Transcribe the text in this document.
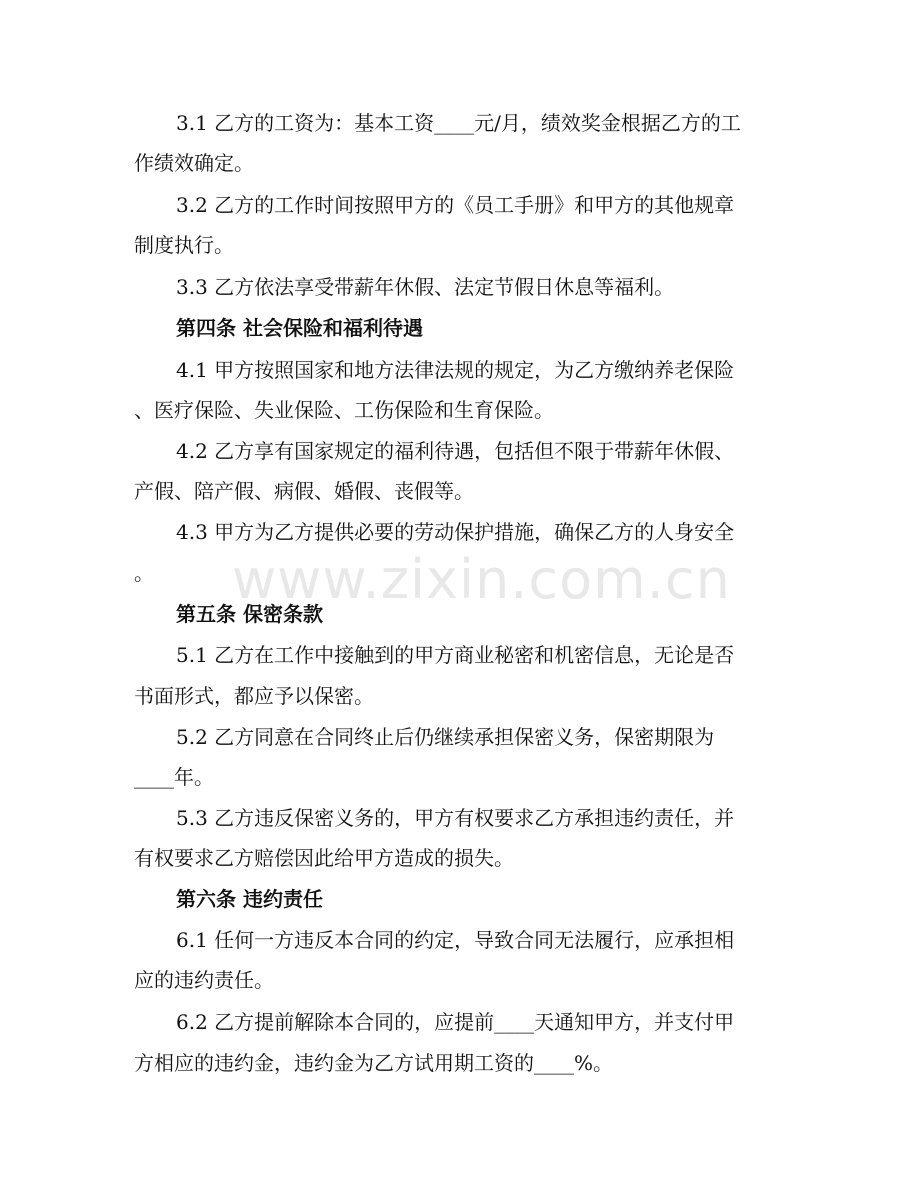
3.1 乙方的工资为：基本工资____元/月，绩效奖金根据乙方的工
作绩效确定。
3.2 乙方的工作时间按照甲方的《员工手册》和甲方的其他规章
制度执行。
3.3 乙方依法享受带薪年休假、法定节假日休息等福利。
第四条 社会保险和福利待遇
4.1 甲方按照国家和地方法律法规的规定，为乙方缴纳养老保险
、医疗保险、失业保险、工伤保险和生育保险。
4.2 乙方享有国家规定的福利待遇，包括但不限于带薪年休假、
产假、陪产假、病假、婚假、丧假等。
4.3 甲方为乙方提供必要的劳动保护措施，确保乙方的人身安全
。
第五条 保密条款
5.1 乙方在工作中接触到的甲方商业秘密和机密信息，无论是否
书面形式，都应予以保密。
5.2 乙方同意在合同终止后仍继续承担保密义务，保密期限为
____年。
5.3 乙方违反保密义务的，甲方有权要求乙方承担违约责任，并
有权要求乙方赔偿因此给甲方造成的损失。
第六条 违约责任
6.1 任何一方违反本合同的约定，导致合同无法履行，应承担相
应的违约责任。
6.2 乙方提前解除本合同的，应提前____天通知甲方，并支付甲
方相应的违约金，违约金为乙方试用期工资的____%。
www.zixin.com.cn
